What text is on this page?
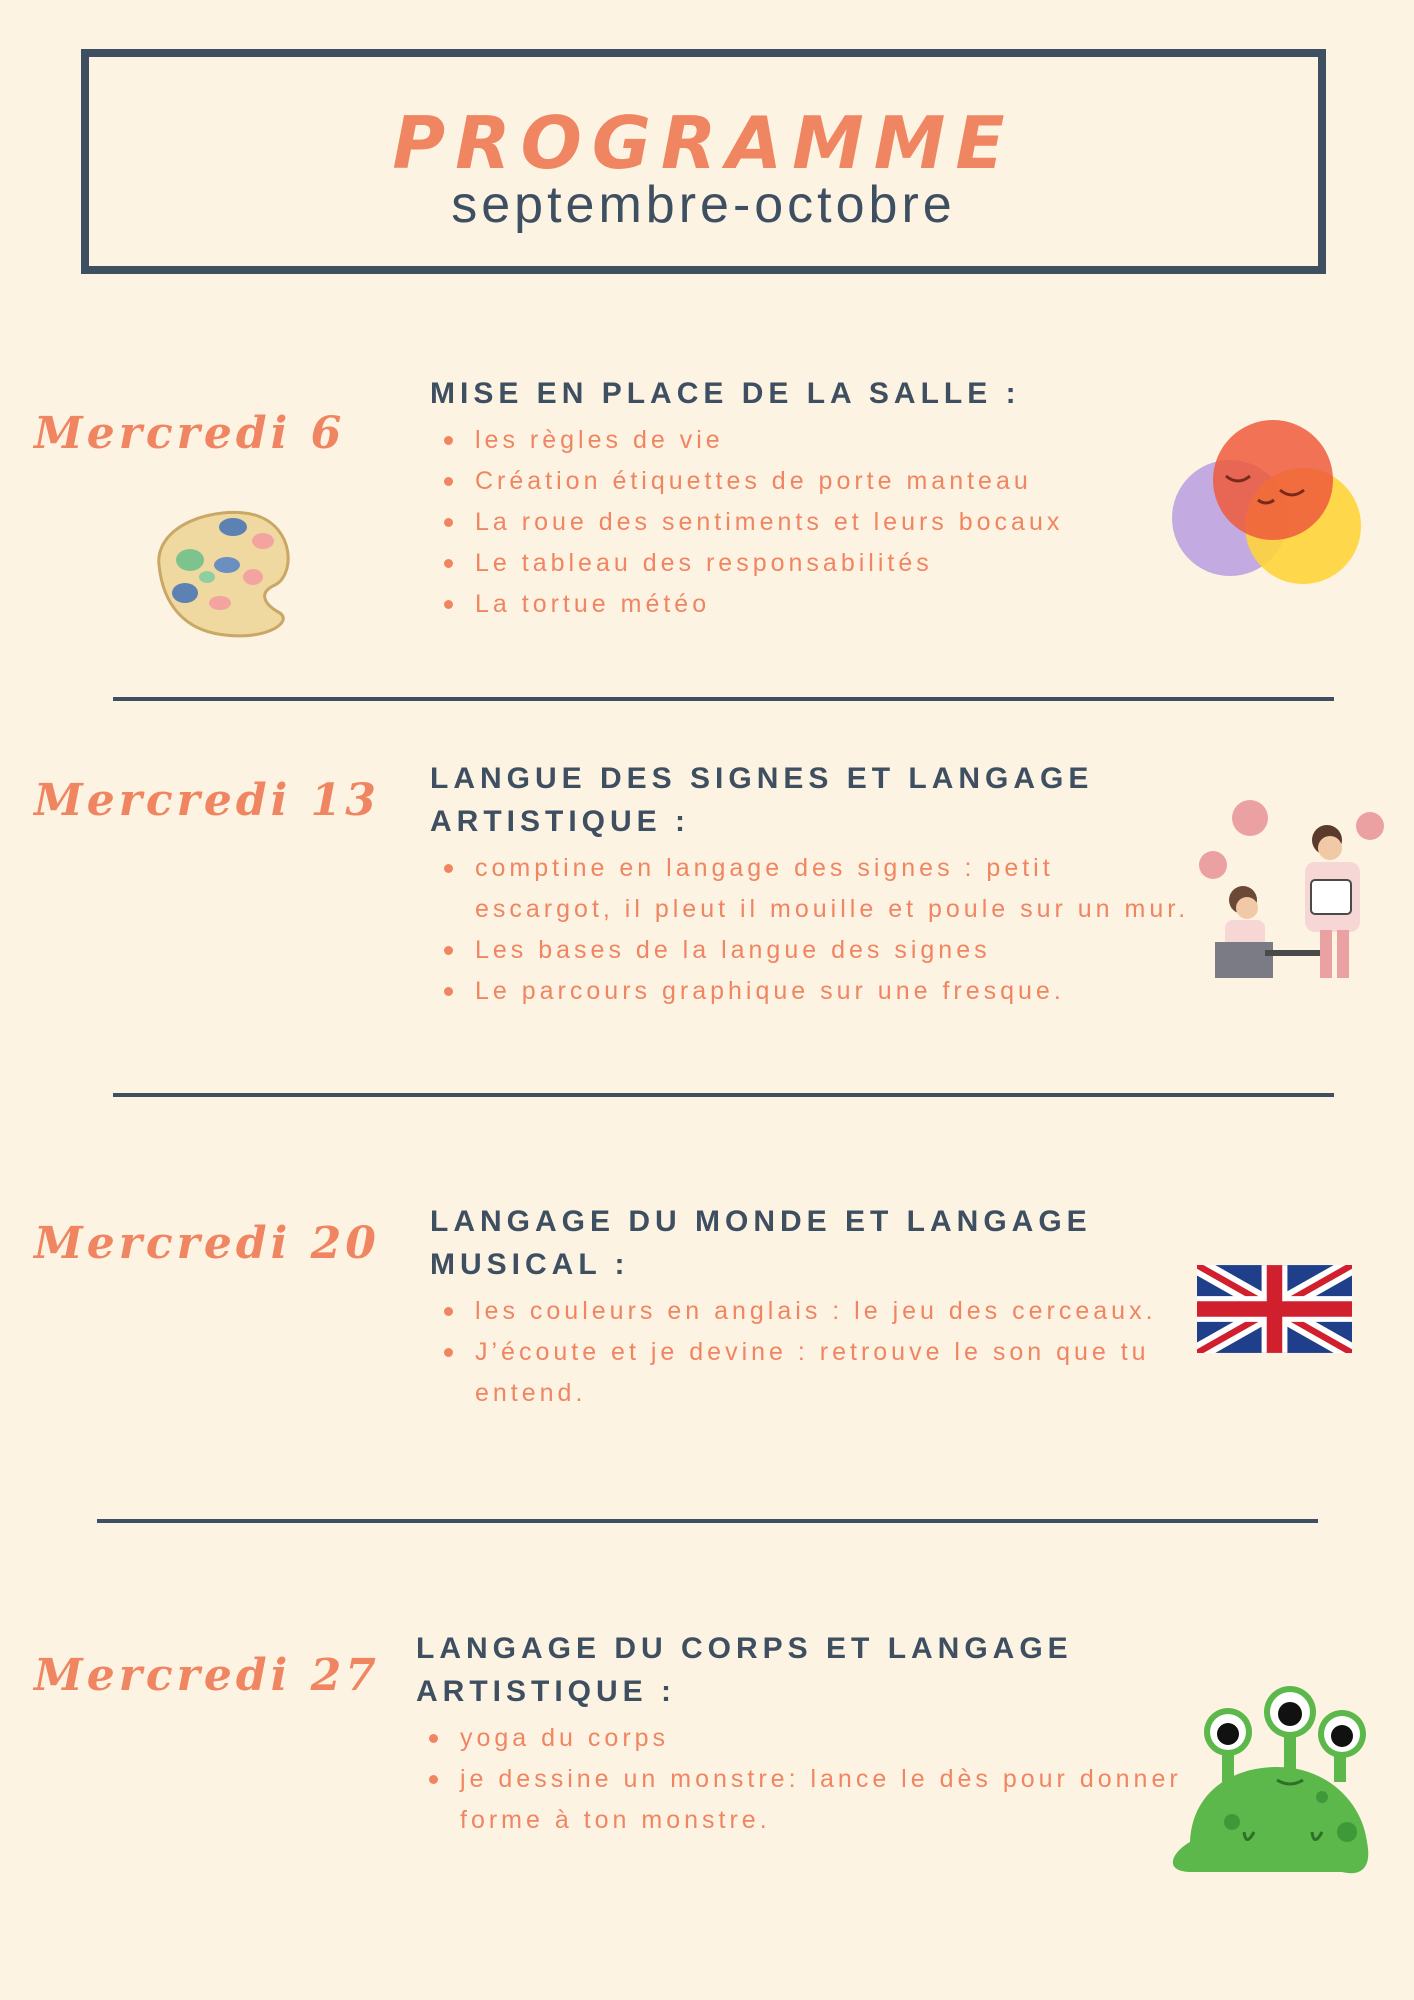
PROGRAMME
septembre-octobre
Mercredi 6
MISE EN PLACE DE LA SALLE :
les règles de vie
Création étiquettes de porte manteau
La roue des sentiments et leurs bocaux
Le tableau des responsabilités
La tortue météo
Mercredi 13 LANGUE DES SIGNES ET LANGAGE ARTISTIQUE :
comptine en langage des signes : petit escargot, il pleut il mouille et poule sur un mur.
Les bases de la langue des signes
Le parcours graphique sur une fresque.
Mercredi 20 LANGAGE DU MONDE ET LANGAGE MUSICAL :
les couleurs en anglais : le jeu des cerceaux.
J’écoute et je devine : retrouve le son que tu entend.
Mercredi 27
LANGAGE DU CORPS ET LANGAGE ARTISTIQUE :
yoga du corps
je dessine un monstre: lance le dès pour donner forme à ton monstre.
